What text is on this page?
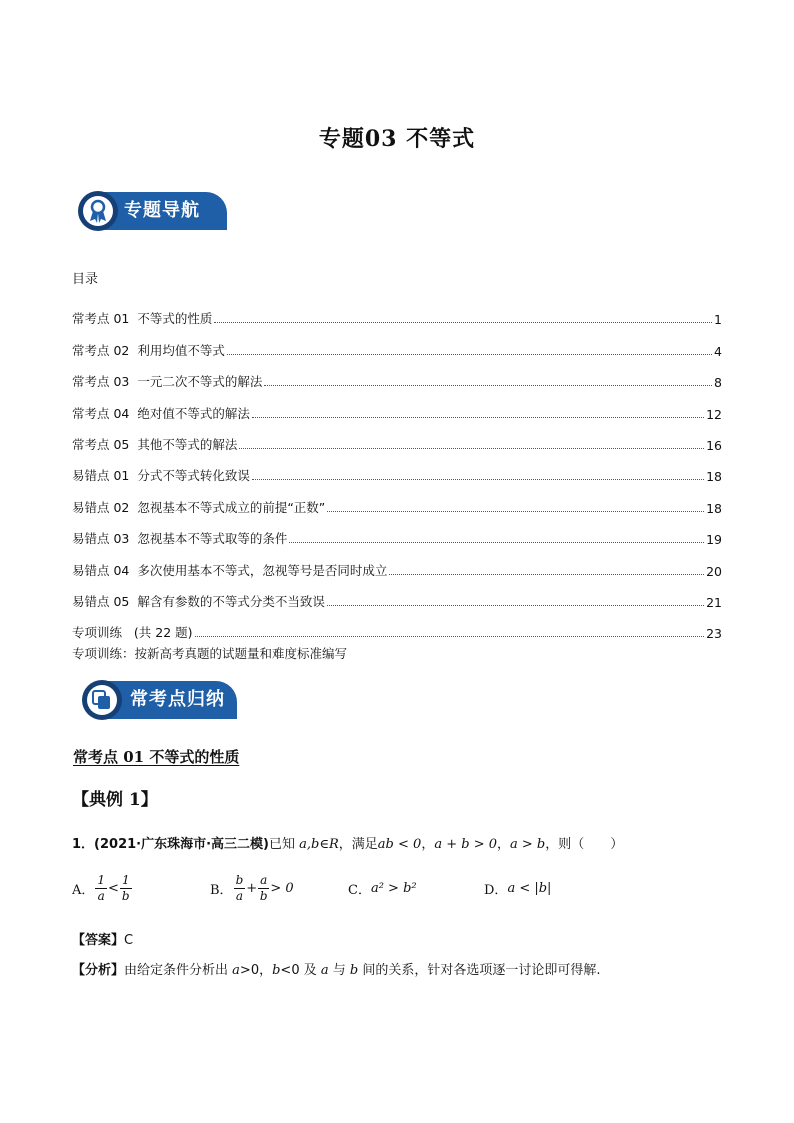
专题03 不等式
专题导航
目录
常考点 01  不等式的性质	1
常考点 02  利用均值不等式	4
常考点 03  一元二次不等式的解法	8
常考点 04  绝对值不等式的解法	12
常考点 05  其他不等式的解法	16
易错点 01  分式不等式转化致误	18
易错点 02  忽视基本不等式成立的前提“正数”	18
易错点 03  忽视基本不等式取等的条件	19
易错点 04  多次使用基本不等式，忽视等号是否同时成立	20
易错点 05  解含有参数的不等式分类不当致误	21
专项训练   (共 22 题)	23
专项训练：按新高考真题的试题量和难度标准编写
常考点归纳
常考点 01 不等式的性质
【典例 1】
1．(2021·广东珠海市·高三二模)已知 a,b∈R，满足ab < 0，a + b > 0，a > b，则（　　）
A． $\frac{1}{a} < \frac{1}{b}$	B． $\frac{b}{a} + \frac{a}{b} > 0$	C． a² > b²	D． a < |b|
【答案】C
【分析】由给定条件分析出 a>0，b<0 及 a 与 b 间的关系，针对各选项逐一讨论即可得解.
